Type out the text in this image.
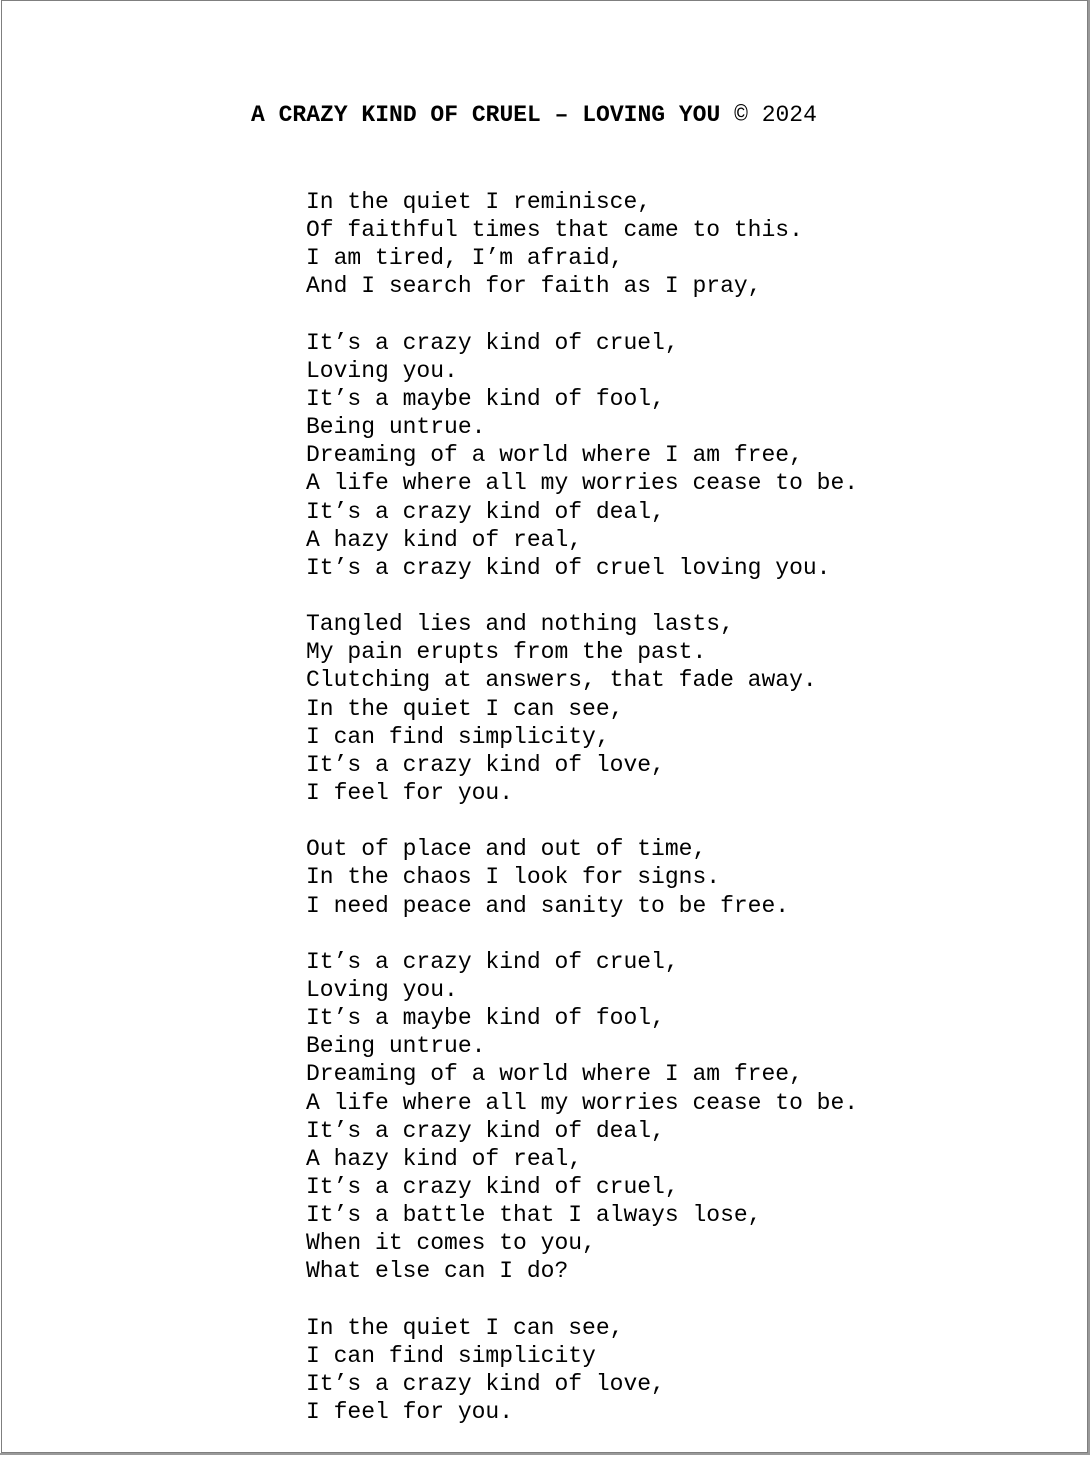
A CRAZY KIND OF CRUEL – LOVING YOU © 2024
In the quiet I reminisce,
Of faithful times that came to this.
I am tired, I’m afraid,
And I search for faith as I pray,
It’s a crazy kind of cruel,
Loving you.
It’s a maybe kind of fool,
Being untrue.
Dreaming of a world where I am free,
A life where all my worries cease to be.
It’s a crazy kind of deal,
A hazy kind of real,
It’s a crazy kind of cruel loving you.
Tangled lies and nothing lasts,
My pain erupts from the past.
Clutching at answers, that fade away.
In the quiet I can see,
I can find simplicity,
It’s a crazy kind of love,
I feel for you.
Out of place and out of time,
In the chaos I look for signs.
I need peace and sanity to be free.
It’s a crazy kind of cruel,
Loving you.
It’s a maybe kind of fool,
Being untrue.
Dreaming of a world where I am free,
A life where all my worries cease to be.
It’s a crazy kind of deal,
A hazy kind of real,
It’s a crazy kind of cruel,
It’s a battle that I always lose,
When it comes to you,
What else can I do?
In the quiet I can see,
I can find simplicity
It’s a crazy kind of love,
I feel for you.
